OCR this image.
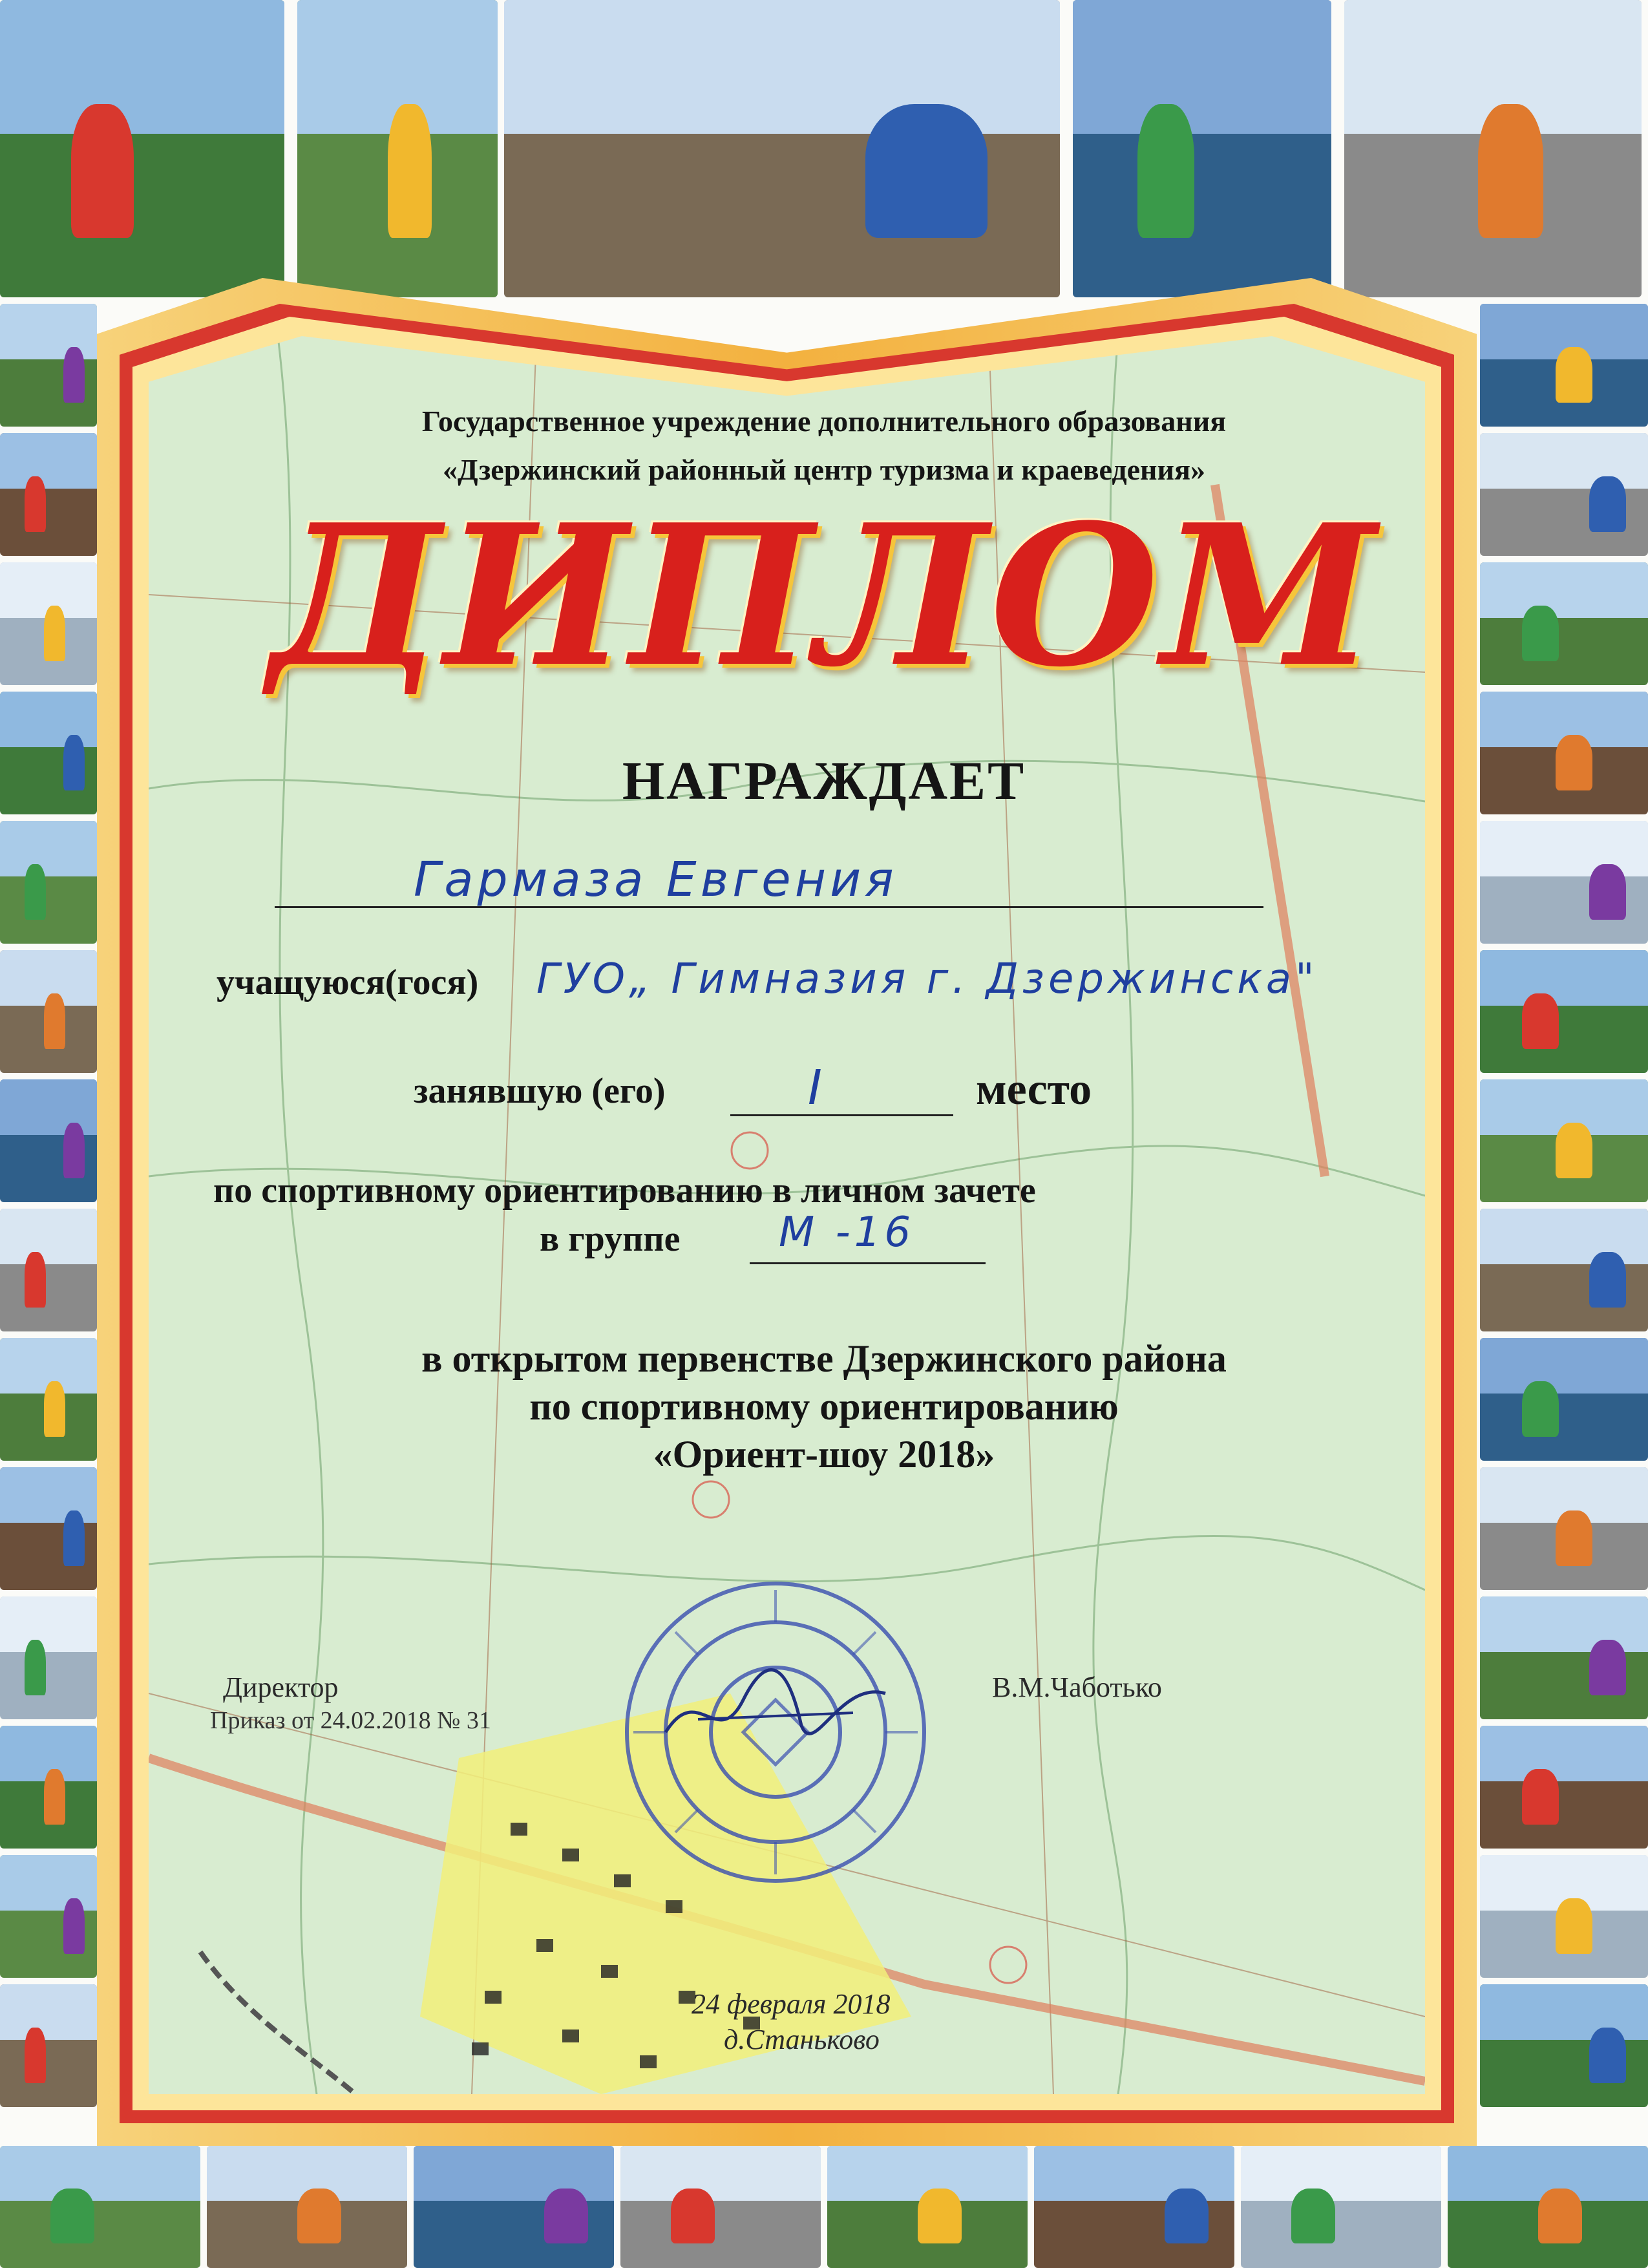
Государственное учреждение дополнительного образования
«Дзержинский районный центр туризма и краеведения»
ДИПЛОМ
НАГРАЖДАЕТ
Гармаза Евгения
учащуюся(гося) ГУО„ Гимназия г. Дзержинска"
занявшую (его)	I	место
по спортивному ориентированию в личном зачете
в группе М -16
в открытом первенстве Дзержинского района
по спортивному ориентированию
«Ориент-шоу 2018»
Директор
Приказ от 24.02.2018 № 31
В.М.Чаботько
24 февраля 2018
д.Станьково
